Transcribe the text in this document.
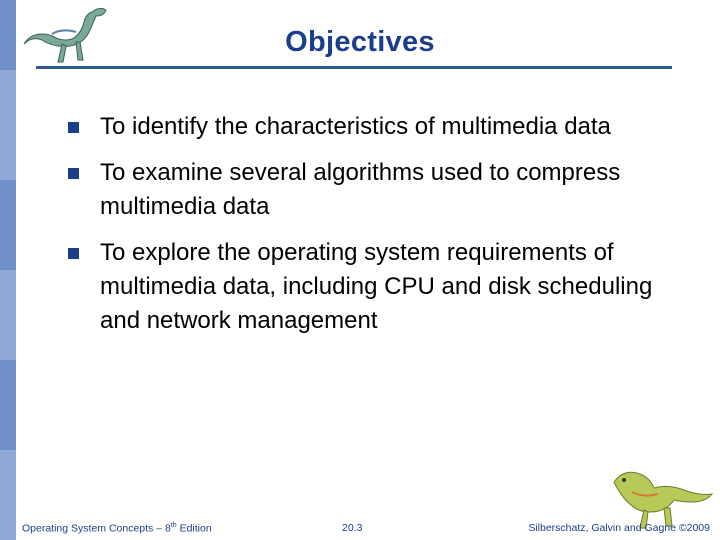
Objectives
To identify the characteristics of multimedia data
To examine several algorithms used to compress multimedia data
To explore the operating system requirements of multimedia data, including CPU and disk scheduling and network management
Operating System Concepts – 8th Edition	20.3	Silberschatz, Galvin and Gagne ©2009
